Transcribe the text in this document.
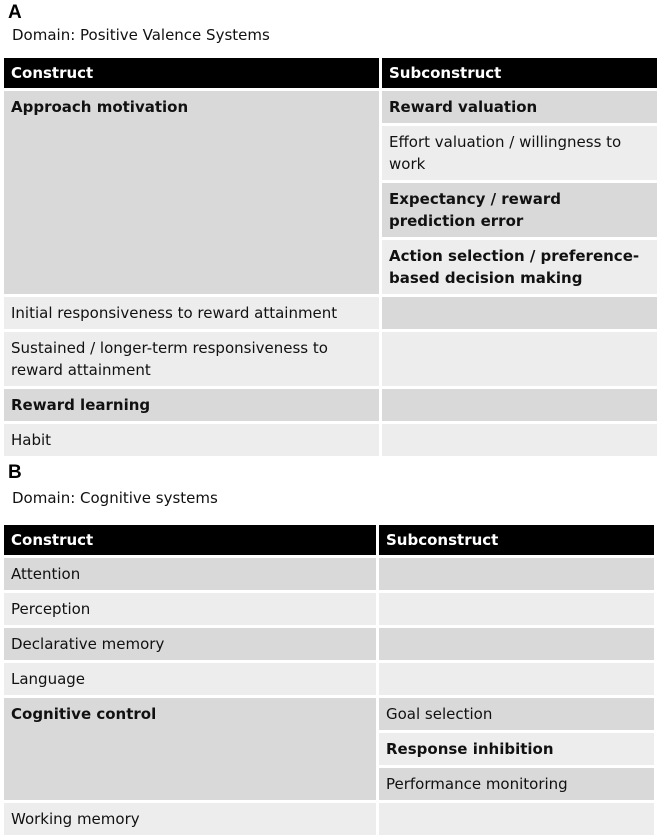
A
Domain: Positive Valence Systems
Construct	Subconstruct
Approach motivation	Reward valuation
	Effort valuation / willingness to work
	Expectancy / reward prediction error
	Action selection / preference-based decision making
Initial responsiveness to reward attainment	
Sustained / longer-term responsiveness to reward attainment	
Reward learning	
Habit	
B
Domain: Cognitive systems
Construct	Subconstruct
Attention	
Perception	
Declarative memory	
Language	
Cognitive control	Goal selection
	Response inhibition
	Performance monitoring
Working memory	
